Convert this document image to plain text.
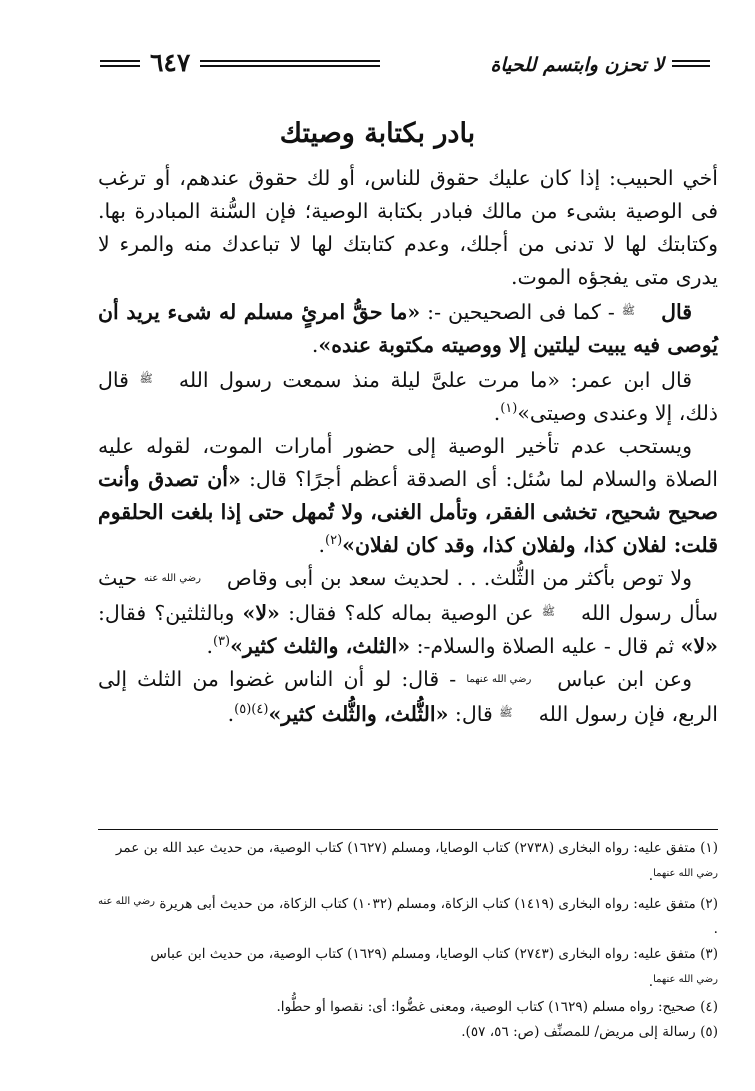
لا تحزن وابتسم للحياة
٦٤٧
بادر بكتابة وصيتك

أخي الحبيب: إذا كان عليك حقوق للناس، أو لك حقوق عندهم، أو ترغب فى الوصية بشىء من مالك فبادر بكتابة الوصية؛ فإن السُّنة المبادرة بها. وكتابتك لها لا تدنى من أجلك، وعدم كتابتك لها لا تباعدك منه والمرء لا يدرى متى يفجؤه الموت.

قالﷺ - كما فى الصحيحين -: «ما حقُّ امرئٍ مسلم له شىء يريد أن يُوصى فيه يبيت ليلتين إلا ووصيته مكتوبة عنده».

قال ابن عمر: «ما مرت علىَّ ليلة منذ سمعت رسول اللهﷺ قال ذلك، إلا وعندى وصيتى»$^{(١)}$.

ويستحب عدم تأخير الوصية إلى حضور أمارات الموت، لقوله عليه الصلاة والسلام لما سُئل: أى الصدقة أعظم أجرًا؟ قال: «أن تصدق وأنت صحيح شحيح، تخشى الفقر، وتأمل الغنى، ولا تُمهل حتى إذا بلغت الحلقوم قلت: لفلان كذا، ولفلان كذا، وقد كان لفلان»$^{(٢)}$.

ولا توص بأكثر من الثُّلث. . . لحديث سعد بن أبى وقاصرضي الله عنه حيث سأل رسول اللهﷺ عن الوصية بماله كله؟ فقال: «لا» وبالثلثين؟ فقال: «لا» ثم قال - عليه الصلاة والسلام-: «الثلث، والثلث كثير»$^{(٣)}$.

وعن ابن عباسرضي الله عنهما - قال: لو أن الناس غضوا من الثلث إلى الربع، فإن رسول اللهﷺ قال: «الثُّلث، والثُّلث كثير»$^{(٤)(٥)}$.

(١) متفق عليه: رواه البخارى (٢٧٣٨) كتاب الوصايا، ومسلم (١٦٢٧) كتاب الوصية، من حديث عبد الله بن عمر رضي الله عنهما.

(٢) متفق عليه: رواه البخارى (١٤١٩) كتاب الزكاة، ومسلم (١٠٣٢) كتاب الزكاة، من حديث أبى هريرة رضي الله عنه.

(٣) متفق عليه: رواه البخارى (٢٧٤٣) كتاب الوصايا، ومسلم (١٦٢٩) كتاب الوصية، من حديث ابن عباس رضي الله عنهما.

(٤) صحيح: رواه مسلم (١٦٢٩) كتاب الوصية، ومعنى غضُّوا: أى: نقصوا أو حطُّوا.

(٥) رسالة إلى مريض/ للمصنِّف (ص: ٥٦، ٥٧).
